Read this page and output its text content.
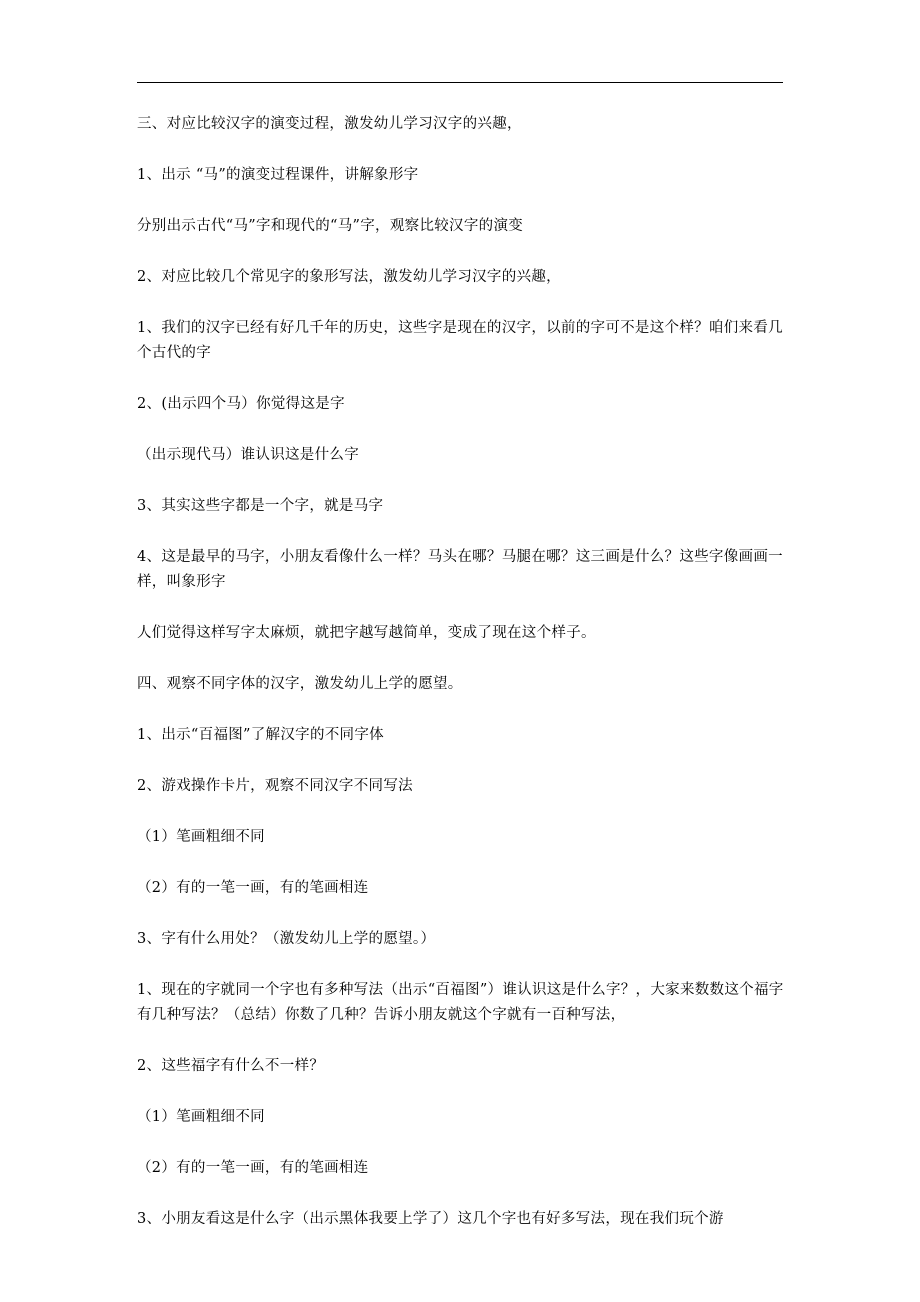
三、对应比较汉字的演变过程，激发幼儿学习汉字的兴趣，

1、出示 “马”的演变过程课件，讲解象形字

分别出示古代“马”字和现代的“马”字，观察比较汉字的演变

2、对应比较几个常见字的象形写法，激发幼儿学习汉字的兴趣，

1、我们的汉字已经有好几千年的历史，这些字是现在的汉字，以前的字可不是这个样？咱们来看几个古代的字

2、(出示四个马）你觉得这是字

（出示现代马）谁认识这是什么字

3、其实这些字都是一个字，就是马字

4、这是最早的马字，小朋友看像什么一样？马头在哪？马腿在哪？这三画是什么？这些字像画画一样，叫象形字

人们觉得这样写字太麻烦，就把字越写越简单，变成了现在这个样子。

四、观察不同字体的汉字，激发幼儿上学的愿望。

1、出示“百福图”了解汉字的不同字体

2、游戏操作卡片，观察不同汉字不同写法

（1）笔画粗细不同

（2）有的一笔一画，有的笔画相连

3、字有什么用处？（激发幼儿上学的愿望。）

1、现在的字就同一个字也有多种写法（出示“百福图”）谁认识这是什么字？，大家来数数这个福字有几种写法？（总结）你数了几种？告诉小朋友就这个字就有一百种写法，

2、这些福字有什么不一样？

（1）笔画粗细不同

（2）有的一笔一画，有的笔画相连

3、小朋友看这是什么字（出示黑体我要上学了）这几个字也有好多写法，现在我们玩个游
